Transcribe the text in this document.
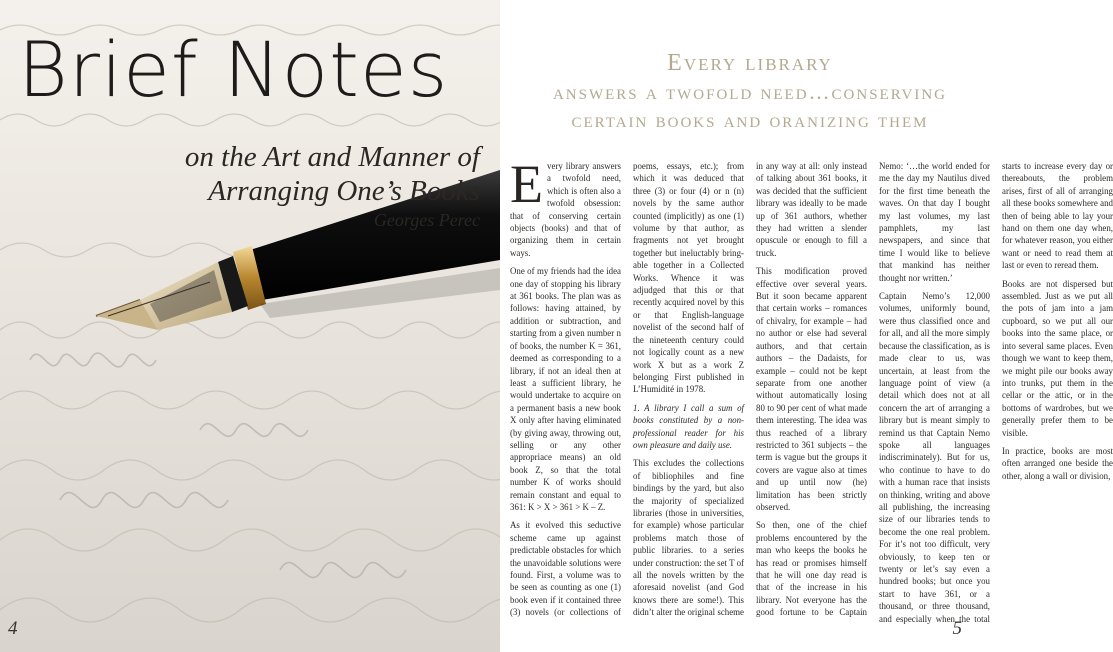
Brief Notes
on the Art and Manner of
Arranging One’s Books
Georges Perec
4
Every library
answers a twofold need…conserving
certain books and oranizing them

Every library answers a twofold need, which is often also a twofold obsession: that of conserving certain objects (books) and that of organizing them in certain ways.

One of my friends had the idea one day of stopping his library at 361 books. The plan was as follows: having attained, by addition or subtraction, and starting from a given number n of books, the number K = 361, deemed as corresponding to a library, if not an ideal then at least a sufficient library, he would undertake to acquire on a permanent basis a new book X only after having eliminated (by giving away, throwing out, selling or any other appropriace means) an old book Z, so that the total number K of works should remain constant and equal to 361: K > X > 361 > K – Z.

As it evolved this seductive scheme came up against predictable obstacles for which the unavoidable solutions were found. First, a volume was to be seen as counting as one (1) book even if it contained three (3) novels (or collections of poems, essays, etc.); from which it was deduced that three (3) or four (4) or n (n) novels by the same author counted (implicitly) as one (1) volume by that author, as fragments not yet brought together but ineluctably bring-able together in a Collected Works. Whence it was adjudged that this or that recently acquired novel by this or that English-language novelist of the second half of the nineteenth century could not logically count as a new work X but as a work Z belonging First published in L’Humidité in 1978.

1. A library I call a sum of books constituted by a non-professional reader for his own pleasure and daily use.

This excludes the collections of bibliophiles and fine bindings by the yard, but also the majority of specialized libraries (those in universities, for example) whose particular problems match those of public libraries. to a series under construction: the set T of all the novels written by the aforesaid novelist (and God knows there are some!). This didn’t alter the original scheme in any way at all: only instead of talking about 361 books, it was decided that the sufficient library was ideally to be made up of 361 authors, whether they had written a slender opuscule or enough to fill a truck.

This modification proved effective over several years. But it soon became apparent that certain works – romances of chivalry, for example – had no author or else had several authors, and that certain authors – the Dadaists, for example – could not be kept separate from one another without automatically losing 80 to 90 per cent of what made them interesting. The idea was thus reached of a library restricted to 361 subjects – the term is vague but the groups it covers are vague also at times and up until now (he) limitation has been strictly observed.

So then, one of the chief problems encountered by the man who keeps the books he has read or promises himself that he will one day read is that of the increase in his library. Not everyone has the good fortune to be Captain Nemo: ‘…the world ended for me the day my Nautilus dived for the first time beneath the waves. On that day I bought my last volumes, my last pamphlets, my last newspapers, and since that time I would like to believe that mankind has neither thought nor written.’

Captain Nemo’s 12,000 volumes, uniformly bound, were thus classified once and for all, and all the more simply because the classification, as is made clear to us, was uncertain, at least from the language point of view (a detail which does not at all concern the art of arranging a library but is meant simply to remind us that Captain Nemo spoke all languages indiscriminately). But for us, who continue to have to do with a human race that insists on thinking, writing and above all publishing, the increasing size of our libraries tends to become the one real problem. For it’s not too difficult, very obviously, to keep ten or twenty or let’s say even a hundred books; but once you start to have 361, or a thousand, or three thousand, and especially when the total starts to increase every day or thereabouts, the problem arises, first of all of arranging all these books somewhere and then of being able to lay your hand on them one day when, for whatever reason, you either want or need to read them at last or even to reread them.

Books are not dispersed but assembled. Just as we put all the pots of jam into a jam cupboard, so we put all our books into the same place, or into several same places. Even though we want to keep them, we might pile our books away into trunks, put them in the cellar or the attic, or in the bottoms of wardrobes, but we generally prefer them to be visible.

In practice, books are most often arranged one beside the other, along a wall or division,

5
